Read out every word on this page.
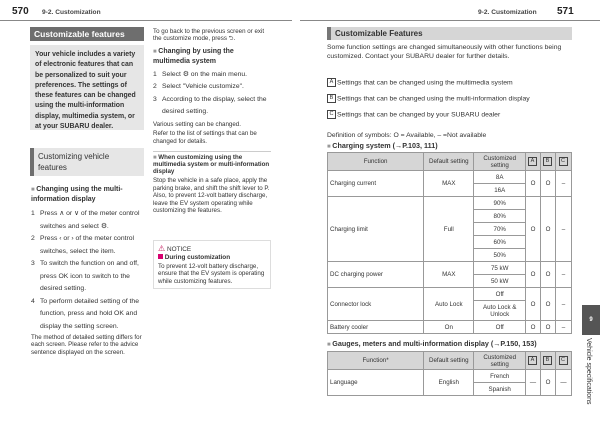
570 9-2. Customization	9-2. Customization 571
Customizable features
Your vehicle includes a variety of electronic features that can be personalized to suit your preferences. The settings of these features can be changed using the multi-information display, multimedia system, or at your SUBARU dealer.
Customizing vehicle features
■ Changing using the multi-information display
1 Press ∧ or ∨ of the meter control switches and select ⚙.
2 Press ‹ or › of the meter control switches, select the item.
3 To switch the function on and off, press OK icon to switch to the desired setting.
4 To perform detailed setting of the function, press and hold OK and display the setting screen.
The method of detailed setting differs for each screen. Please refer to the advice sentence displayed on the screen.
To go back to the previous screen or exit the customize mode, press ⮌.
■ Changing by using the multimedia system
1 Select ⚙ on the main menu.
2 Select "Vehicle customize".
3 According to the display, select the desired setting.
Various setting can be changed.
Refer to the list of settings that can be changed for details.
■ When customizing using the multimedia system or multi-information display
Stop the vehicle in a safe place, apply the parking brake, and shift the shift lever to P. Also, to prevent 12-volt battery discharge, leave the EV system operating while customizing the features.
⚠ NOTICE
During customization
To prevent 12-volt battery discharge, ensure that the EV system is operating while customizing features.
Customizable Features
Some function settings are changed simultaneously with other functions being customized. Contact your SUBARU dealer for further details.
A Settings that can be changed using the multimedia system
B Settings that can be changed using the multi-information display
C Settings that can be changed by your SUBARU dealer
Definition of symbols: O = Available, – =Not available
■ Charging system (→P.103, 111)
Function	Default setting	Customized setting	A	B	C
Charging current	MAX	8A	O	O	–
		16A			
Charging limit	Full	90%	O	O	–
		80%			
		70%			
		60%			
		50%			
DC charging power	MAX	75 kW	O	O	–
		50 kW			
Connector lock	Auto Lock	Off	O	O	–
		Auto Lock & Unlock			
Battery cooler	On	Off	O	O	–
■ Gauges, meters and multi-information display (→P.150, 153)
Function*	Default setting	Customized setting	A	B	C
Language	English	French	—	O	—
		Spanish			
9
Vehicle specifications
